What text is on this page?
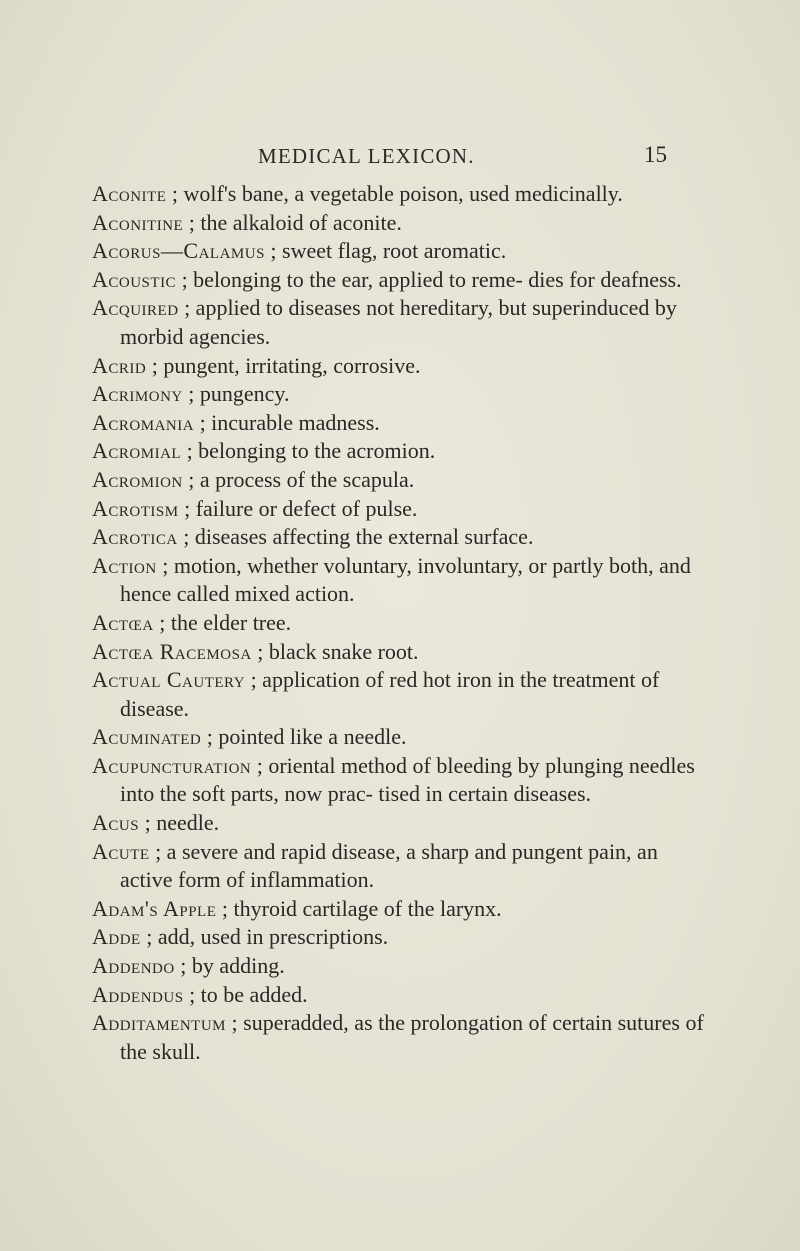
MEDICAL LEXICON.	15

Aconite ; wolf's bane, a vegetable poison, used medicinally.

Aconitine ; the alkaloid of aconite.

Acorus—Calamus ; sweet flag, root aromatic.

Acoustic ; belonging to the ear, applied to reme- dies for deafness.

Acquired ; applied to diseases not hereditary, but superinduced by morbid agencies.

Acrid ; pungent, irritating, corrosive.

Acrimony ; pungency.

Acromania ; incurable madness.

Acromial ; belonging to the acromion.

Acromion ; a process of the scapula.

Acrotism ; failure or defect of pulse.

Acrotica ; diseases affecting the external surface.

Action ; motion, whether voluntary, involuntary, or partly both, and hence called mixed action.

Actœa ; the elder tree.

Actœa Racemosa ; black snake root.

Actual Cautery ; application of red hot iron in the treatment of disease.

Acuminated ; pointed like a needle.

Acupuncturation ; oriental method of bleeding by plunging needles into the soft parts, now prac- tised in certain diseases.

Acus ; needle.

Acute ; a severe and rapid disease, a sharp and pungent pain, an active form of inflammation.

Adam's Apple ; thyroid cartilage of the larynx.

Adde ; add, used in prescriptions.

Addendo ; by adding.

Addendus ; to be added.

Additamentum ; superadded, as the prolongation of certain sutures of the skull.
